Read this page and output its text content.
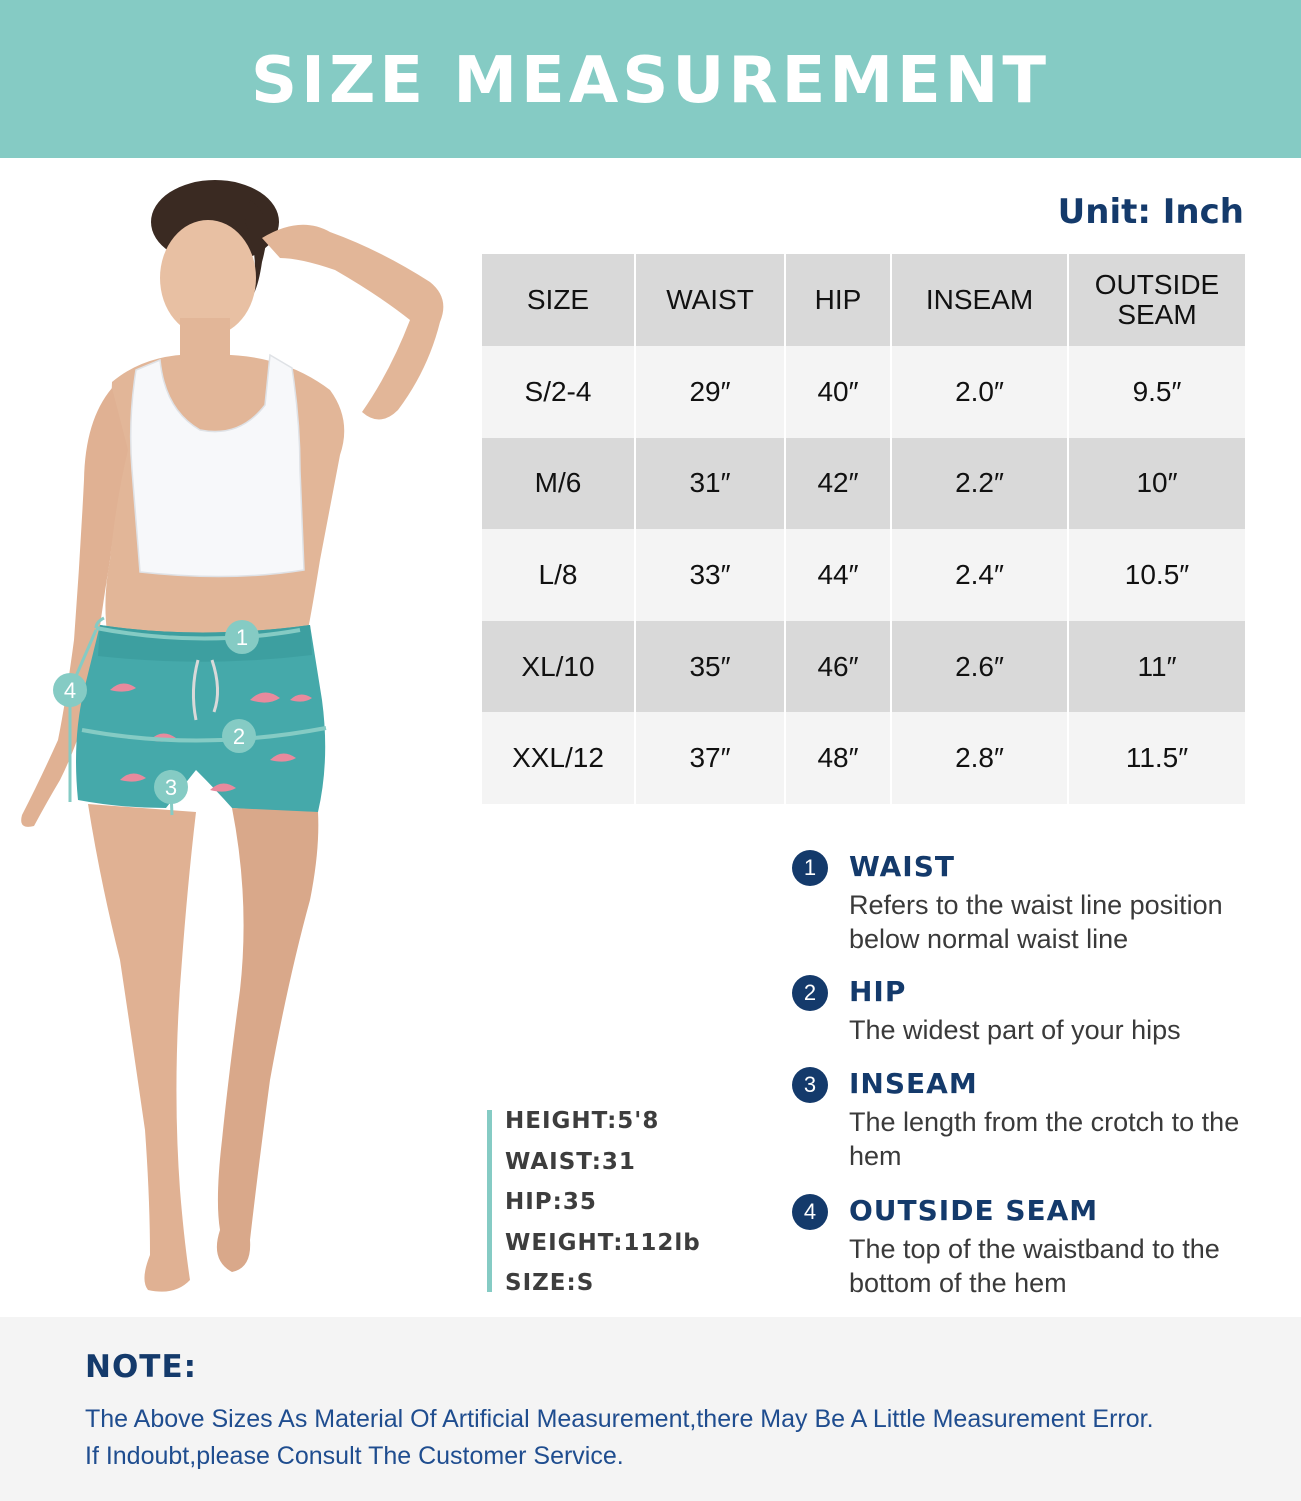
SIZE MEASUREMENT
Unit: Inch
1
2
3
4
SIZE	WAIST	HIP	INSEAM	OUTSIDE SEAM
S/2-4	29″	40″	2.0″	9.5″
M/6	31″	42″	2.2″	10″
L/8	33″	44″	2.4″	10.5″
XL/10	35″	46″	2.6″	11″
XXL/12	37″	48″	2.8″	11.5″
HEIGHT:5'8
WAIST:31
HIP:35
WEIGHT:112lb
SIZE:S
1	WAIST
Refers to the waist line position below normal waist line
2	HIP
The widest part of your hips
3	INSEAM
The length from the crotch to the hem
4	OUTSIDE SEAM
The top of the waistband to the bottom of the hem
NOTE:
The Above Sizes As Material Of Artificial Measurement,there May Be A Little Measurement Error.
If Indoubt,please Consult The Customer Service.
